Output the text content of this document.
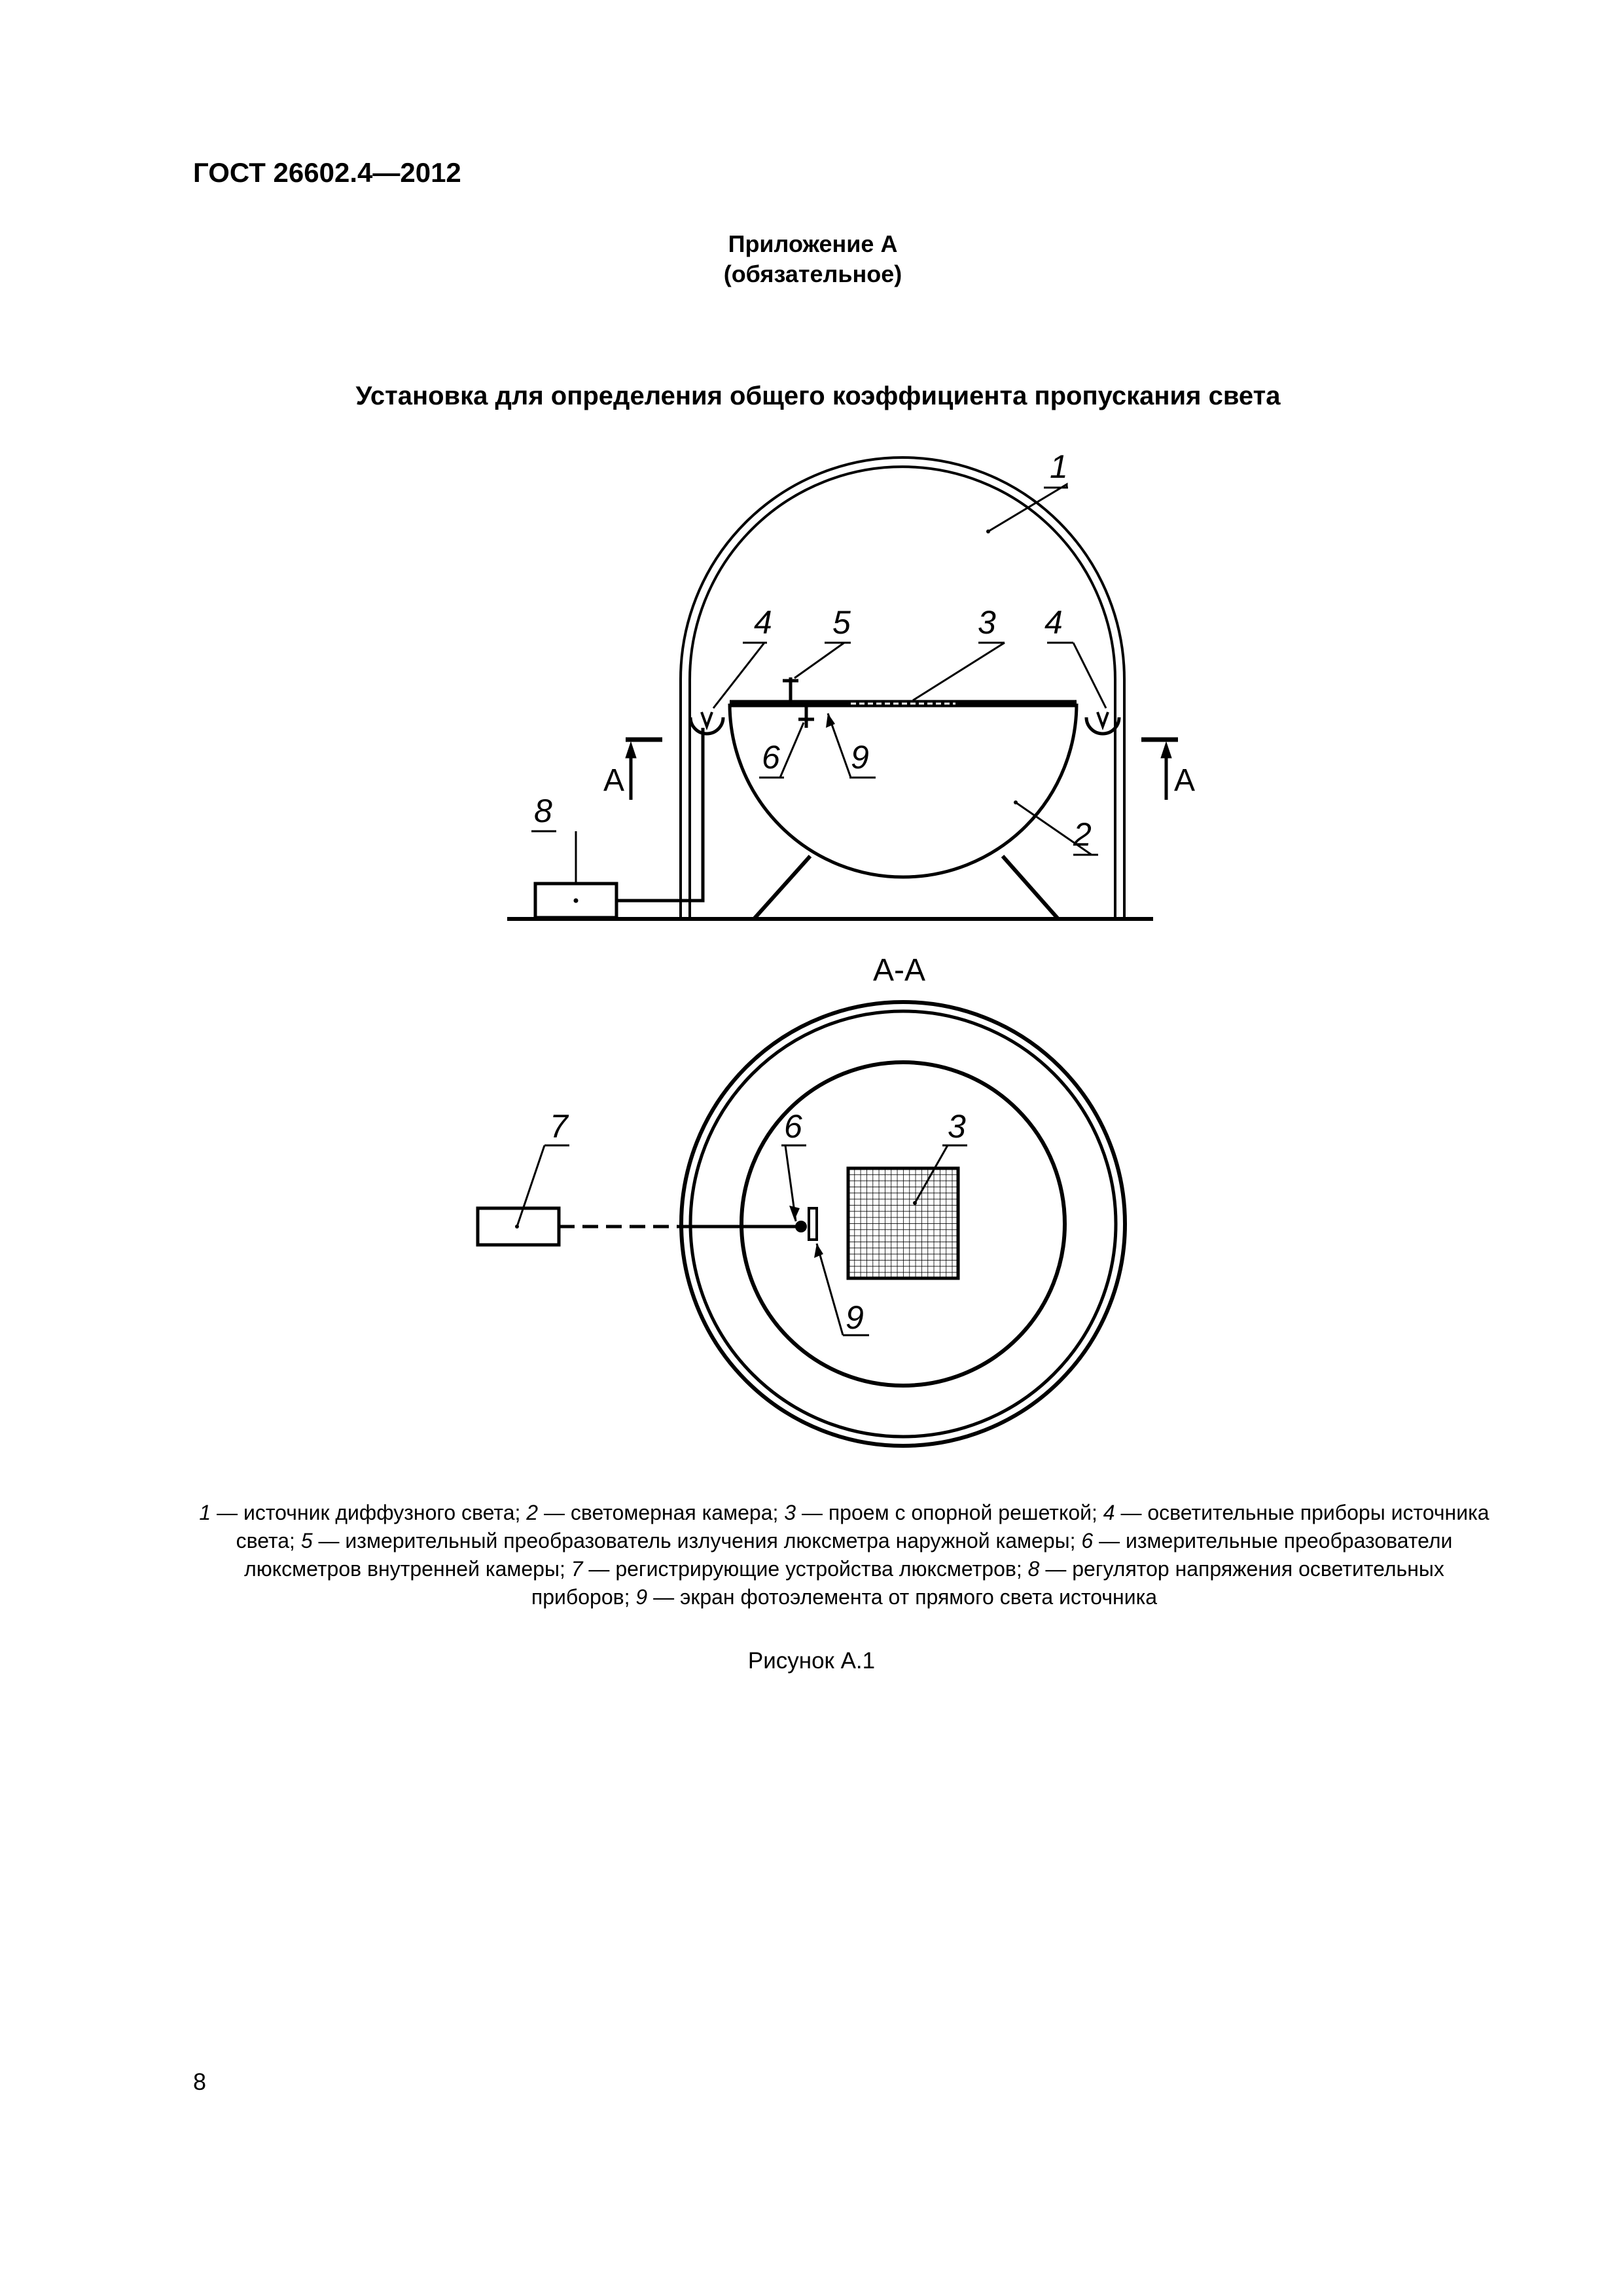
ГОСТ 26602.4—2012
Приложение А
(обязательное)
Установка для определения общего коэффициента пропускания света
1
4 5	3 4
6 9
2
8
А	А
А-А
7	6	3
9
1 — источник диффузного света; 2 — светомерная камера; 3 — проем с опорной решеткой; 4 — осветительные приборы источника света; 5 — измерительный преобразователь излучения люксметра наружной камеры; 6 — измерительные преобразователи люксметров внутренней камеры; 7 — регистрирующие устройства люксметров; 8 — регулятор напряжения осветительных приборов; 9 — экран фотоэлемента от прямого света источника
Рисунок А.1
8
